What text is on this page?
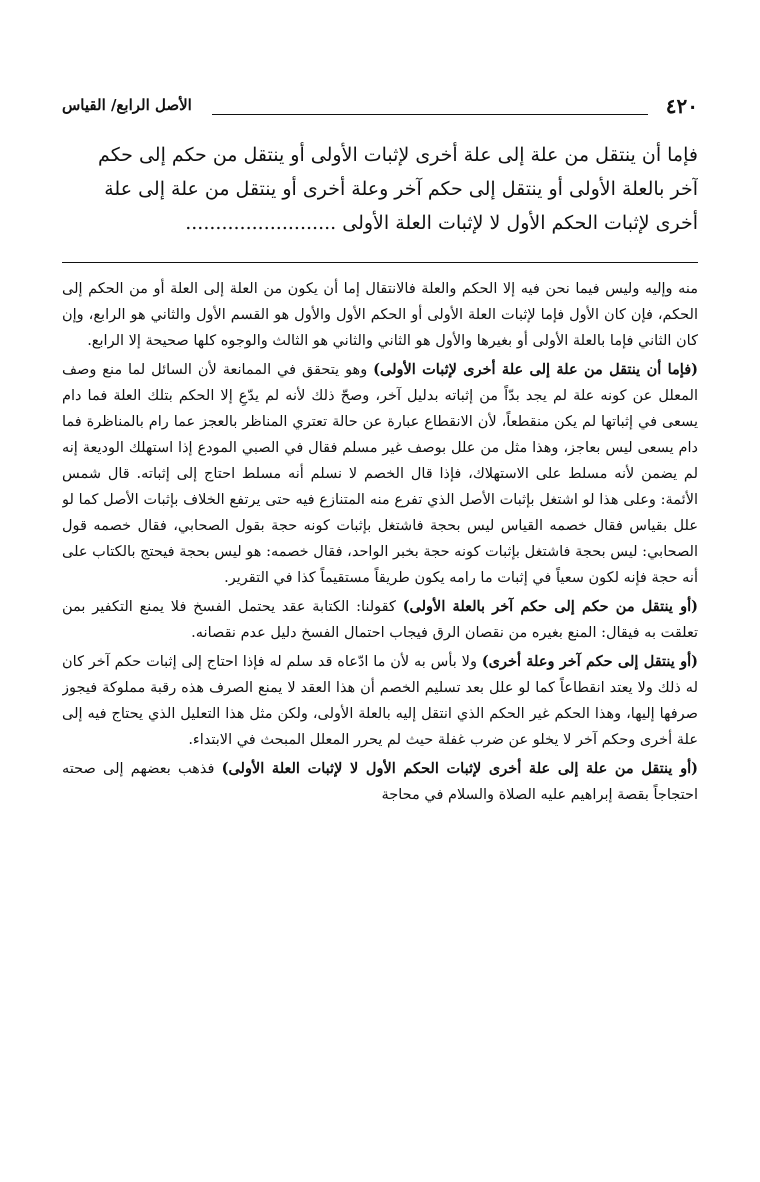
٤٢٠
الأصل الرابع/ القياس
فإما أن ينتقل من علة إلى علة أخرى لإثبات الأولى أو ينتقل من حكم إلى حكم
آخر بالعلة الأولى أو ينتقل إلى حكم آخر وعلة أخرى أو ينتقل من علة إلى علة
أخرى لإثبات الحكم الأول لا لإثبات العلة الأولى .........................

منه وإليه وليس فيما نحن فيه إلا الحكم والعلة فالانتقال إما أن يكون من العلة إلى العلة أو من الحكم إلى الحكم، فإن كان الأول فإما لإثبات العلة الأولى أو الحكم الأول والأول هو القسم الأول والثاني هو الرابع، وإن كان الثاني فإما بالعلة الأولى أو بغيرها والأول هو الثاني والثاني هو الثالث والوجوه كلها صحيحة إلا الرابع.

(فإما أن ينتقل من علة إلى علة أخرى لإثبات الأولى) وهو يتحقق في الممانعة لأن السائل لما منع وصف المعلل عن كونه علة لم يجد بدّاً من إثباته بدليل آخر، وصحّ ذلك لأنه لم يدّعِ إلا الحكم بتلك العلة فما دام يسعى في إثباتها لم يكن منقطعاً، لأن الانقطاع عبارة عن حالة تعتري المناظر بالعجز عما رام بالمناظرة فما دام يسعى ليس بعاجز، وهذا مثل من علل بوصف غير مسلم فقال في الصبي المودع إذا استهلك الوديعة إنه لم يضمن لأنه مسلط على الاستهلاك، فإذا قال الخصم لا نسلم أنه مسلط احتاج إلى إثباته. قال شمس الأئمة: وعلى هذا لو اشتغل بإثبات الأصل الذي تفرع منه المتنازع فيه حتى يرتفع الخلاف بإثبات الأصل كما لو علل بقياس فقال خصمه القياس ليس بحجة فاشتغل بإثبات كونه حجة بقول الصحابي، فقال خصمه قول الصحابي: ليس بحجة فاشتغل بإثبات كونه حجة بخبر الواحد، فقال خصمه: هو ليس بحجة فيحتج بالكتاب على أنه حجة فإنه لكون سعياً في إثبات ما رامه يكون طريقاً مستقيماً كذا في التقرير.

(أو ينتقل من حكم إلى حكم آخر بالعلة الأولى) كقولنا: الكتابة عقد يحتمل الفسخ فلا يمنع التكفير بمن تعلقت به فيقال: المنع بغيره من نقصان الرق فيجاب احتمال الفسخ دليل عدم نقصانه.

(أو ينتقل إلى حكم آخر وعلة أخرى) ولا بأس به لأن ما ادّعاه قد سلم له فإذا احتاج إلى إثبات حكم آخر كان له ذلك ولا يعتد انقطاعاً كما لو علل بعد تسليم الخصم أن هذا العقد لا يمنع الصرف هذه رقبة مملوكة فيجوز صرفها إليها، وهذا الحكم غير الحكم الذي انتقل إليه بالعلة الأولى، ولكن مثل هذا التعليل الذي يحتاج فيه إلى علة أخرى وحكم آخر لا يخلو عن ضرب غفلة حيث لم يحرر المعلل المبحث في الابتداء.

(أو ينتقل من علة إلى علة أخرى لإثبات الحكم الأول لا لإثبات العلة الأولى) فذهب بعضهم إلى صحته احتجاجاً بقصة إبراهيم عليه الصلاة والسلام في محاجة
